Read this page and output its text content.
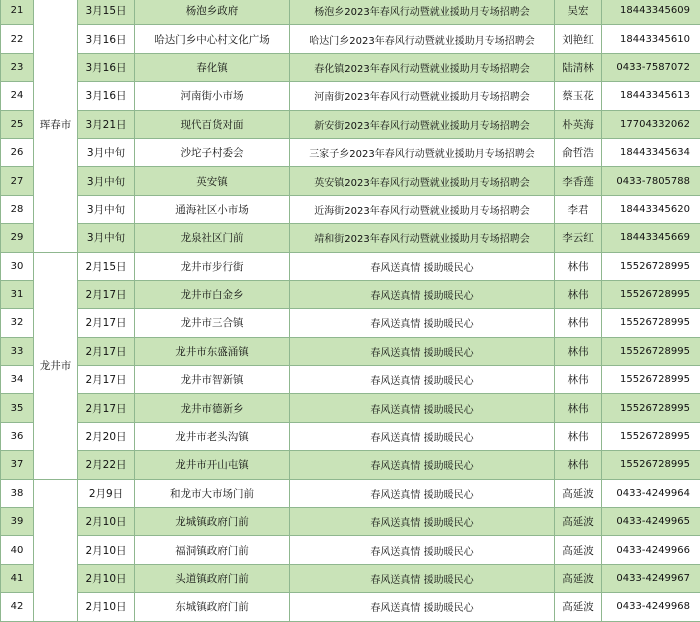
21	珲春市	3月15日	杨泡乡政府	杨泡乡2023年春风行动暨就业援助月专场招聘会	吴宏	18443345609
22		3月16日	哈达门乡中心村文化广场	哈达门乡2023年春风行动暨就业援助月专场招聘会	刘艳红	18443345610
23		3月16日	春化镇	春化镇2023年春风行动暨就业援助月专场招聘会	陆清林	0433-7587072
24		3月16日	河南街小市场	河南街2023年春风行动暨就业援助月专场招聘会	蔡玉花	18443345613
25		3月21日	现代百货对面	新安街2023年春风行动暨就业援助月专场招聘会	朴英海	17704332062
26		3月中旬	沙坨子村委会	三家子乡2023年春风行动暨就业援助月专场招聘会	俞哲浩	18443345634
27		3月中旬	英安镇	英安镇2023年春风行动暨就业援助月专场招聘会	李香莲	0433-7805788
28		3月中旬	通海社区小市场	近海街2023年春风行动暨就业援助月专场招聘会	李君	18443345620
29		3月中旬	龙泉社区门前	靖和街2023年春风行动暨就业援助月专场招聘会	李云红	18443345669
30	龙井市	2月15日	龙井市步行街	春风送真情 援助暖民心	林伟	15526728995
31		2月17日	龙井市白金乡	春风送真情 援助暖民心	林伟	15526728995
32		2月17日	龙井市三合镇	春风送真情 援助暖民心	林伟	15526728995
33		2月17日	龙井市东盛涌镇	春风送真情 援助暖民心	林伟	15526728995
34		2月17日	龙井市智新镇	春风送真情 援助暖民心	林伟	15526728995
35		2月17日	龙井市德新乡	春风送真情 援助暖民心	林伟	15526728995
36		2月20日	龙井市老头沟镇	春风送真情 援助暖民心	林伟	15526728995
37		2月22日	龙井市开山屯镇	春风送真情 援助暖民心	林伟	15526728995
38		2月9日	和龙市大市场门前	春风送真情 援助暖民心	高延波	0433-4249964
39		2月10日	龙城镇政府门前	春风送真情 援助暖民心	高延波	0433-4249965
40		2月10日	福洞镇政府门前	春风送真情 援助暖民心	高延波	0433-4249966
41		2月10日	头道镇政府门前	春风送真情 援助暖民心	高延波	0433-4249967
42		2月10日	东城镇政府门前	春风送真情 援助暖民心	高延波	0433-4249968
